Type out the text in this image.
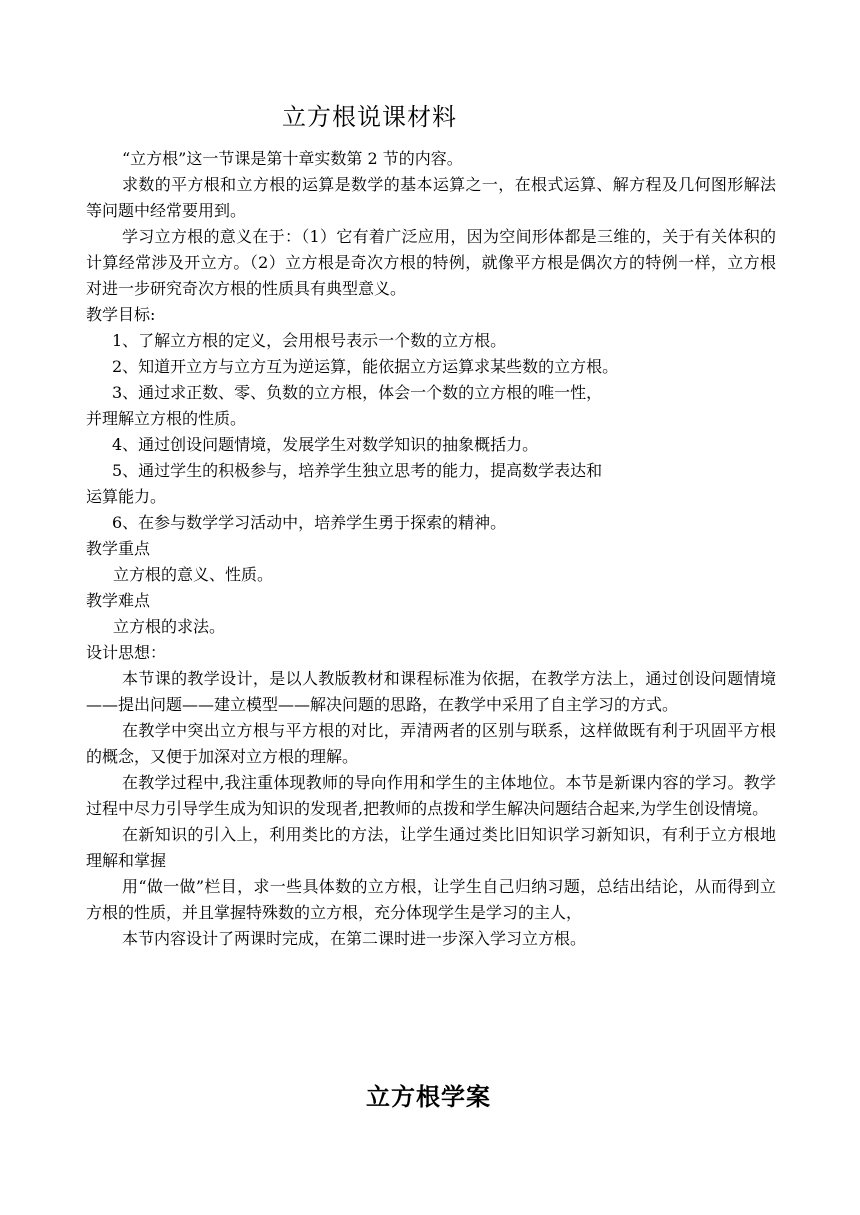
立方根说课材料

“立方根”这一节课是第十章实数第 2 节的内容。

求数的平方根和立方根的运算是数学的基本运算之一，在根式运算、解方程及几何图形解法等问题中经常要用到。

学习立方根的意义在于：（1）它有着广泛应用，因为空间形体都是三维的，关于有关体积的计算经常涉及开立方。（2）立方根是奇次方根的特例，就像平方根是偶次方的特例一样，立方根对进一步研究奇次方根的性质具有典型意义。

教学目标:

1、了解立方根的定义，会用根号表示一个数的立方根。

2、知道开立方与立方互为逆运算，能依据立方运算求某些数的立方根。

3、通过求正数、零、负数的立方根，体会一个数的立方根的唯一性，

并理解立方根的性质。

4、通过创设问题情境，发展学生对数学知识的抽象概括力。

5、通过学生的积极参与，培养学生独立思考的能力，提高数学表达和

运算能力。

6、在参与数学学习活动中，培养学生勇于探索的精神。

教学重点

立方根的意义、性质。

教学难点

立方根的求法。

设计思想：

本节课的教学设计，是以人教版教材和课程标准为依据，在教学方法上，通过创设问题情境——提出问题——建立模型——解决问题的思路，在教学中采用了自主学习的方式。

在教学中突出立方根与平方根的对比，弄清两者的区别与联系，这样做既有利于巩固平方根的概念，又便于加深对立方根的理解。

在教学过程中,我注重体现教师的导向作用和学生的主体地位。本节是新课内容的学习。教学过程中尽力引导学生成为知识的发现者,把教师的点拨和学生解决问题结合起来,为学生创设情境。

在新知识的引入上，利用类比的方法，让学生通过类比旧知识学习新知识，有利于立方根地理解和掌握

用“做一做”栏目，求一些具体数的立方根，让学生自己归纳习题，总结出结论，从而得到立方根的性质，并且掌握特殊数的立方根，充分体现学生是学习的主人，

本节内容设计了两课时完成，在第二课时进一步深入学习立方根。

立方根学案
